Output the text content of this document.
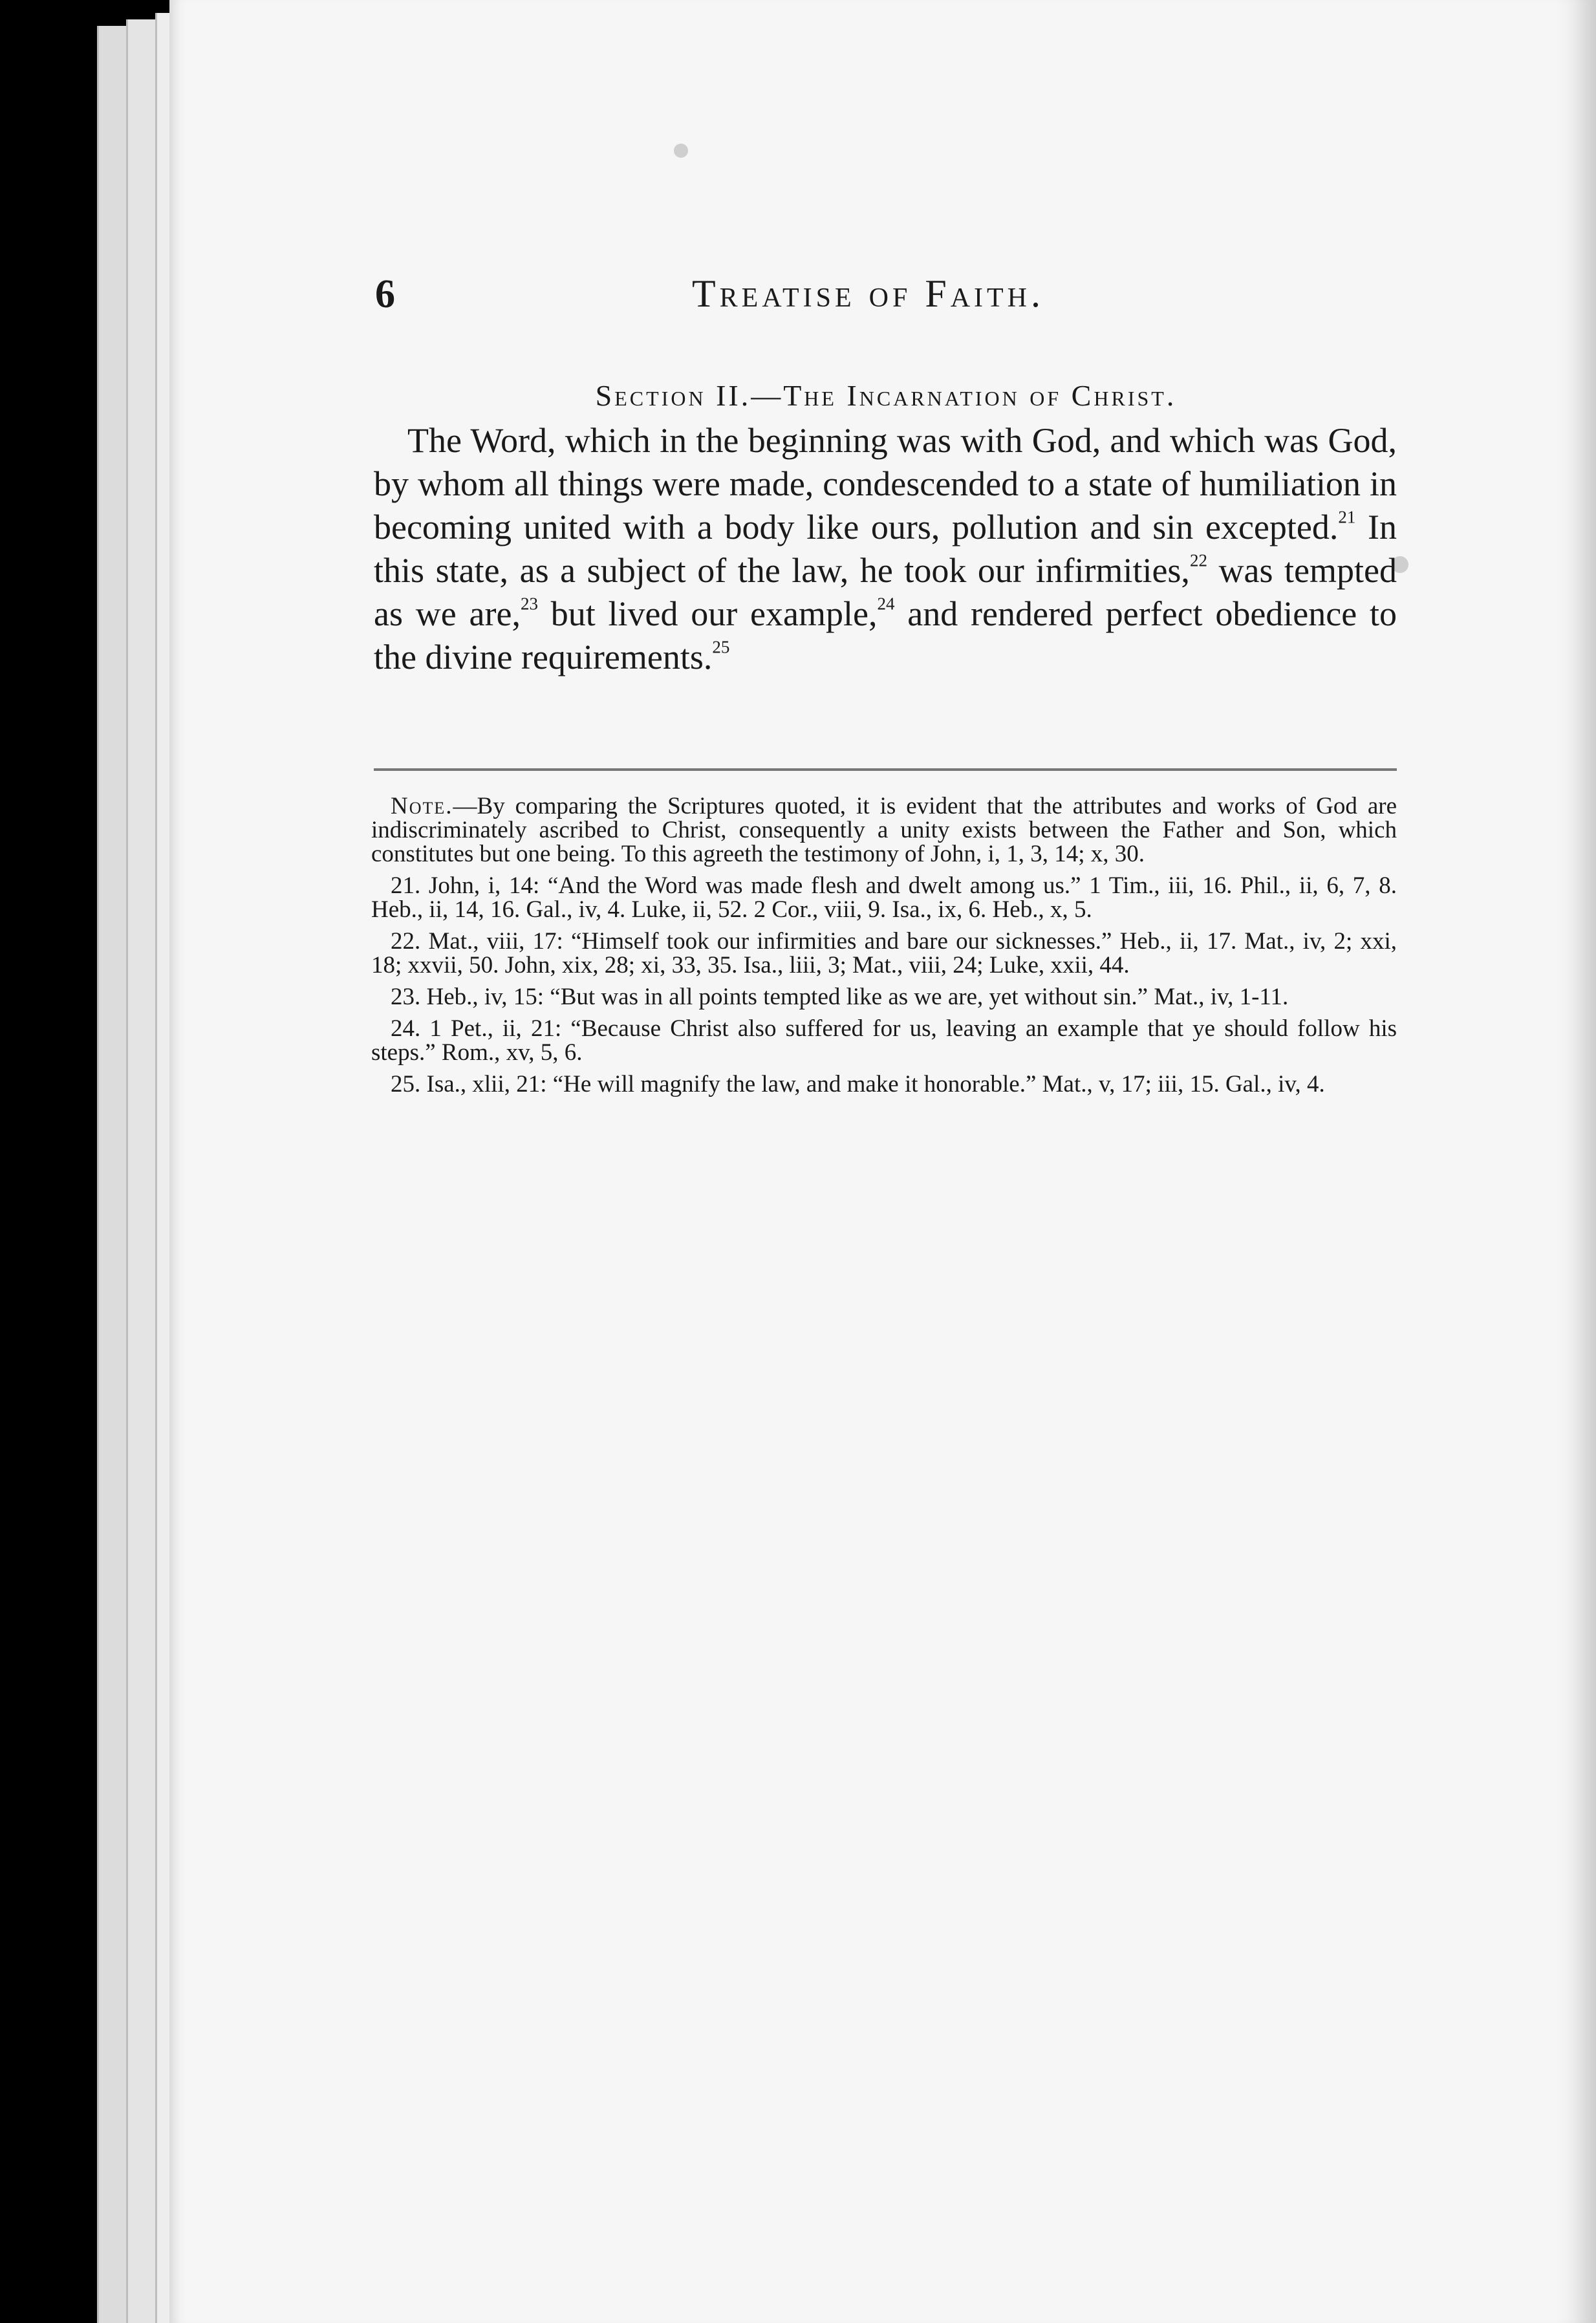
6	Treatise of Faith.
Section II.—The Incarnation of Christ.

The Word, which in the beginning was with God, and which was God, by whom all things were made, condescended to a state of humiliation in becoming united with a body like ours, pollution and sin excepted.$^{21}$ In this state, as a subject of the law, he took our infirmities,$^{22}$ was tempted as we are,$^{23}$ but lived our example,$^{24}$ and rendered perfect obedience to the divine requirements.$^{25}$

Note.—By comparing the Scriptures quoted, it is evident that the attributes and works of God are indiscriminately ascribed to Christ, consequently a unity exists between the Father and Son, which constitutes but one being. To this agreeth the testimony of John, i, 1, 3, 14; x, 30.

21. John, i, 14: “And the Word was made flesh and dwelt among us.” 1 Tim., iii, 16. Phil., ii, 6, 7, 8. Heb., ii, 14, 16. Gal., iv, 4. Luke, ii, 52. 2 Cor., viii, 9. Isa., ix, 6. Heb., x, 5.

22. Mat., viii, 17: “Himself took our infirmities and bare our sicknesses.” Heb., ii, 17. Mat., iv, 2; xxi, 18; xxvii, 50. John, xix, 28; xi, 33, 35. Isa., liii, 3; Mat., viii, 24; Luke, xxii, 44.

23. Heb., iv, 15: “But was in all points tempted like as we are, yet without sin.” Mat., iv, 1-11.

24. 1 Pet., ii, 21: “Because Christ also suffered for us, leaving an example that ye should follow his steps.” Rom., xv, 5, 6.

25. Isa., xlii, 21: “He will magnify the law, and make it honorable.” Mat., v, 17; iii, 15. Gal., iv, 4.
